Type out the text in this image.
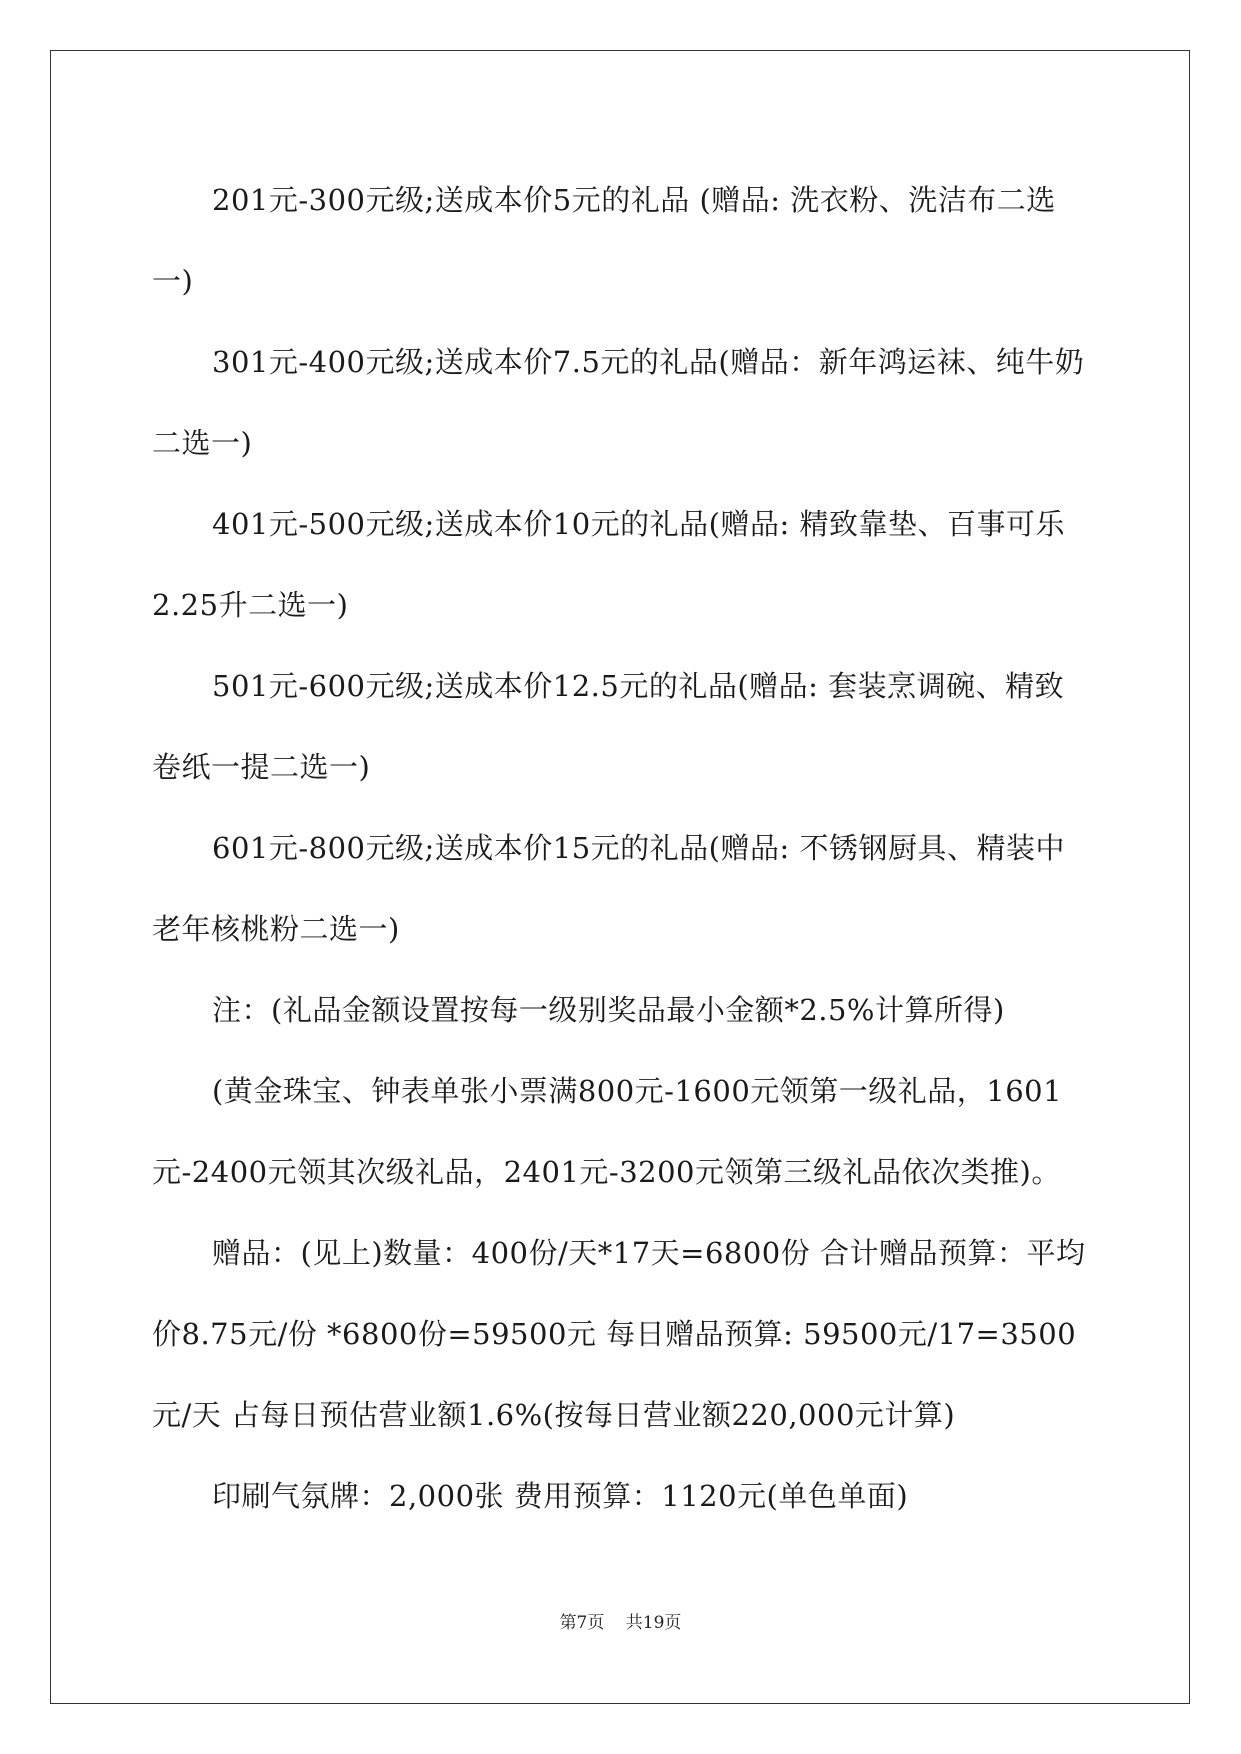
201元-300元级;送成本价5元的礼品 (赠品: 洗衣粉、洗洁布二选一)

301元-400元级;送成本价7.5元的礼品(赠品：新年鸿运袜、纯牛奶二选一)

401元-500元级;送成本价10元的礼品(赠品: 精致靠垫、百事可乐2.25升二选一)

501元-600元级;送成本价12.5元的礼品(赠品: 套装烹调碗、精致卷纸一提二选一)

601元-800元级;送成本价15元的礼品(赠品: 不锈钢厨具、精装中老年核桃粉二选一)

注：(礼品金额设置按每一级别奖品最小金额*2.5%计算所得)

(黄金珠宝、钟表单张小票满800元-1600元领第一级礼品，1601元-2400元领其次级礼品，2401元-3200元领第三级礼品依次类推)。

赠品：(见上)数量：400份/天*17天=6800份 合计赠品预算：平均价8.75元/份 *6800份=59500元 每日赠品预算: 59500元/17=3500元/天 占每日预估营业额1.6%(按每日营业额220,000元计算)

印刷气氛牌：2,000张 费用预算：1120元(单色单面)

第7页 共19页
